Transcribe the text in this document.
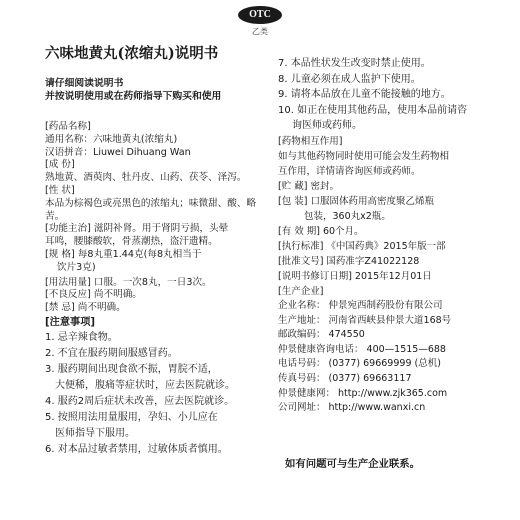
OTC
乙类
六味地黄丸(浓缩丸)说明书
请仔细阅读说明书
并按说明使用或在药师指导下购买和使用
[药品名称]
通用名称：六味地黄丸(浓缩丸)
汉语拼音：Liuwei Dihuang Wan
[成 份]
熟地黄、酒萸肉、牡丹皮、山药、茯苓、泽泻。
[性 状]
本品为棕褐色或亮黑色的浓缩丸；味微甜、酸、略苦。
[功能主治] 滋阴补肾。用于肾阴亏损，头晕
耳鸣，腰膝酸软，骨蒸潮热，盗汗遗精。
[规 格] 每8丸重1.44克(每8丸相当于
饮片3克)
[用法用量] 口服。一次8丸，一日3次。
[不良反应] 尚不明确。
[禁 忌] 尚不明确。
[注意事项]
1. 忌辛辣食物。
2. 不宜在服药期间服感冒药。
3. 服药期间出现食欲不振，胃脘不适，
大便稀，腹痛等症状时，应去医院就诊。
4. 服药2周后症状未改善，应去医院就诊。
5. 按照用法用量服用，孕妇、小儿应在
医师指导下服用。
6. 对本品过敏者禁用，过敏体质者慎用。
7. 本品性状发生改变时禁止使用。
8. 儿童必须在成人监护下使用。
9. 请将本品放在儿童不能接触的地方。
10. 如正在使用其他药品，使用本品前请咨
询医师或药师。
[药物相互作用]
如与其他药物同时使用可能会发生药物相
互作用，详情请咨询医师或药师。
[贮 藏] 密封。
[包 装] 口服固体药用高密度聚乙烯瓶
包装，360丸x2瓶。
[有 效 期] 60个月。
[执行标准] 《中国药典》2015年版一部
[批准文号] 国药准字Z41022128
[说明书修订日期] 2015年12月01日
[生产企业]
企业名称： 仲景宛西制药股份有限公司
生产地址： 河南省西峡县仲景大道168号
邮政编码： 474550
仲景健康咨询电话： 400—1515—688
电话号码： (0377) 69669999 (总机)
传真号码： (0377) 69663117
仲景健康网： http://www.zjk365.com
公司网址： http://www.wanxi.cn
如有问题可与生产企业联系。
